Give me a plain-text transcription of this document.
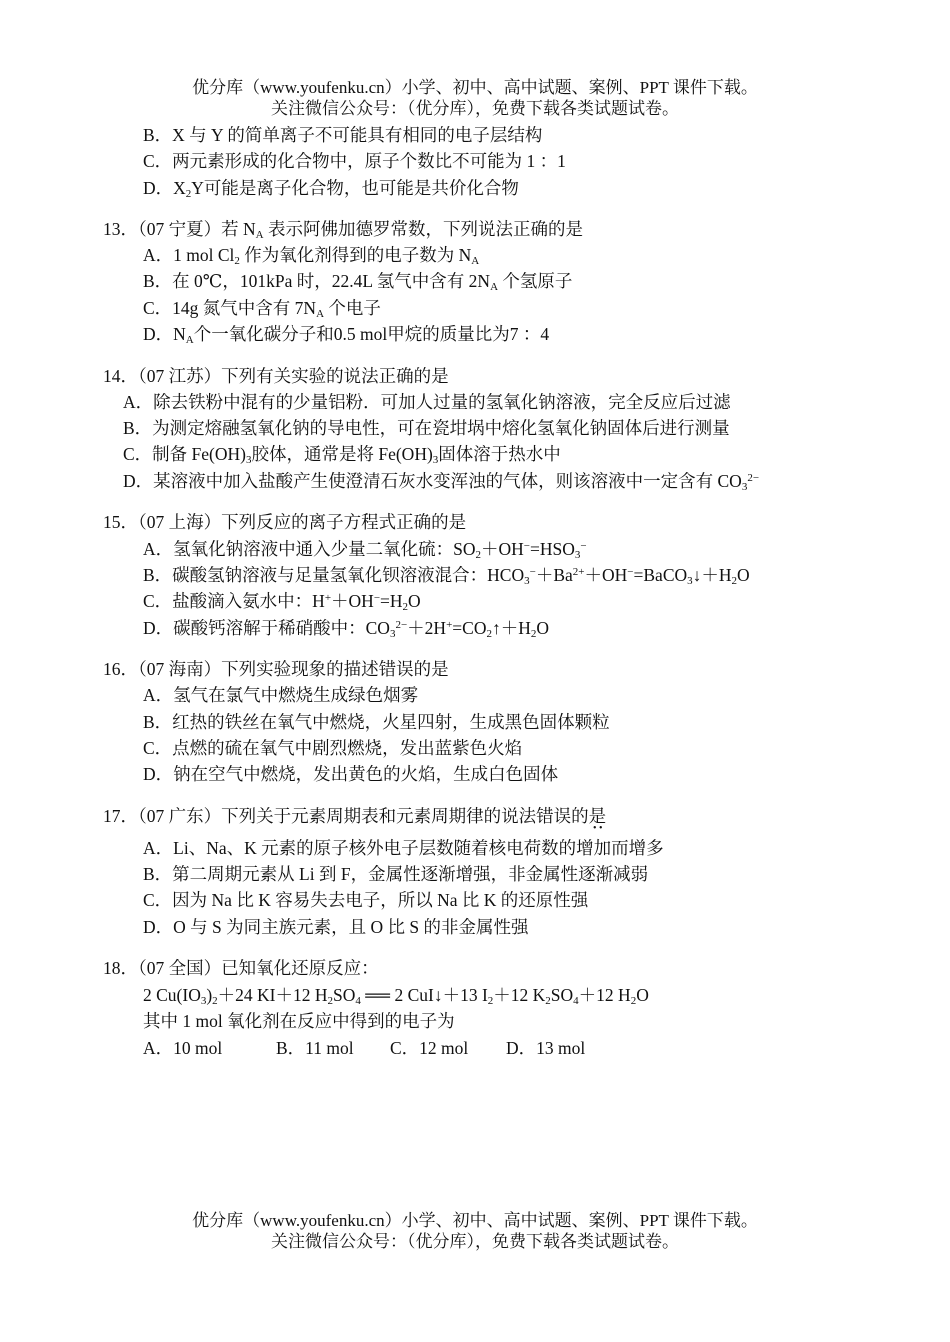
优分库（www.youfenku.cn）小学、初中、高中试题、案例、PPT 课件下载。
关注微信公众号：（优分库），免费下载各类试题试卷。
B．X 与 Y 的简单离子不可能具有相同的电子层结构
C．两元素形成的化合物中，原子个数比不可能为 1 ：1
D．$X_2Y$可能是离子化合物，也可能是共价化合物
13．（07 宁夏）若 $N_A$ 表示阿佛加德罗常数，下列说法正确的是
A．1 mol $Cl_2$ 作为氧化剂得到的电子数为 $N_A$
B．在 0℃，101kPa 时，22.4L 氢气中含有 $2N_A$ 个氢原子
C．14g 氮气中含有 $7N_A$ 个电子
D．$N_A$个一氧化碳分子和0.5 mol甲烷的质量比为7 ：4
14．（07 江苏）下列有关实验的说法正确的是
A．除去铁粉中混有的少量铝粉．可加人过量的氢氧化钠溶液，完全反应后过滤
B．为测定熔融氢氧化钠的导电性，可在瓷坩埚中熔化氢氧化钠固体后进行测量
C．制备 $Fe(OH)_3$胶体，通常是将 $Fe(OH)_3$固体溶于热水中
D．某溶液中加入盐酸产生使澄清石灰水变浑浊的气体，则该溶液中一定含有 $CO_3^{2-}$
15．（07 上海）下列反应的离子方程式正确的是
A．氢氧化钠溶液中通入少量二氧化硫：$SO_2+OH^-=HSO_3^-$
B．碳酸氢钠溶液与足量氢氧化钡溶液混合：$HCO_3^-+Ba^{2+}+OH^-=BaCO_3↓+H_2O$
C．盐酸滴入氨水中：$H^++OH^-=H_2O$
D．碳酸钙溶解于稀硝酸中：$CO_3^{2-}+2H^+=CO_2↑+H_2O$
16．（07 海南）下列实验现象的描述错误的是
A．氢气在氯气中燃烧生成绿色烟雾
B．红热的铁丝在氧气中燃烧，火星四射，生成黑色固体颗粒
C．点燃的硫在氧气中剧烈燃烧，发出蓝紫色火焰
D．钠在空气中燃烧，发出黄色的火焰，生成白色固体
17．（07 广东）下列关于元素周期表和元素周期律的说法错误的是
• •
A．Li、Na、K 元素的原子核外电子层数随着核电荷数的增加而增多
B．第二周期元素从 Li 到 F，金属性逐渐增强，非金属性逐渐减弱
C．因为 Na 比 K 容易失去电子，所以 Na 比 K 的还原性强
D．O 与 S 为同主族元素，且 O 比 S 的非金属性强
18．（07 全国）已知氧化还原反应：
2 $Cu(IO_3)_2+24$ KI＋12 $H_2SO_4$ ══ 2 CuI↓＋13 $I_2+12$ $K_2SO_4+12$ $H_2O$
其中 1 mol 氧化剂在反应中得到的电子为
A．10 mol	B．11 mol C．12 mol D．13 mol
优分库（www.youfenku.cn）小学、初中、高中试题、案例、PPT 课件下载。
关注微信公众号：（优分库），免费下载各类试题试卷。
